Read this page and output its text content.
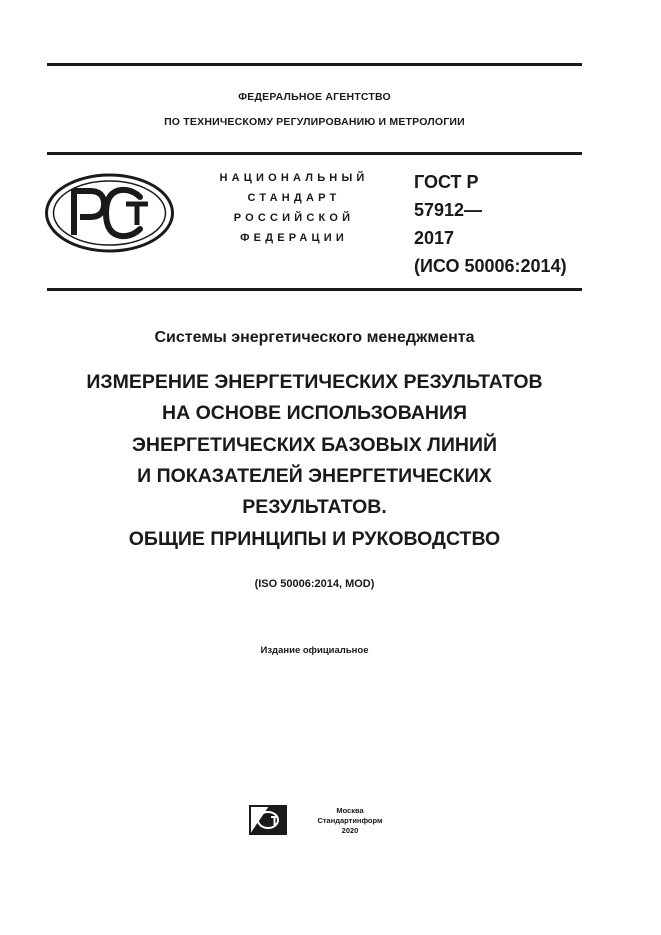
ФЕДЕРАЛЬНОЕ АГЕНТСТВО
ПО ТЕХНИЧЕСКОМУ РЕГУЛИРОВАНИЮ И МЕТРОЛОГИИ
НАЦИОНАЛЬНЫЙ
СТАНДАРТ
РОССИЙСКОЙ
ФЕДЕРАЦИИ
ГОСТ Р
57912—
2017
(ИСО 50006:2014)
Системы энергетического менеджмента
ИЗМЕРЕНИЕ ЭНЕРГЕТИЧЕСКИХ РЕЗУЛЬТАТОВ
НА ОСНОВЕ ИСПОЛЬЗОВАНИЯ
ЭНЕРГЕТИЧЕСКИХ БАЗОВЫХ ЛИНИЙ
И ПОКАЗАТЕЛЕЙ ЭНЕРГЕТИЧЕСКИХ
РЕЗУЛЬТАТОВ.
ОБЩИЕ ПРИНЦИПЫ И РУКОВОДСТВО
(ISO 50006:2014, MOD)
Издание официальное
Москва
Стандартинформ
2020
